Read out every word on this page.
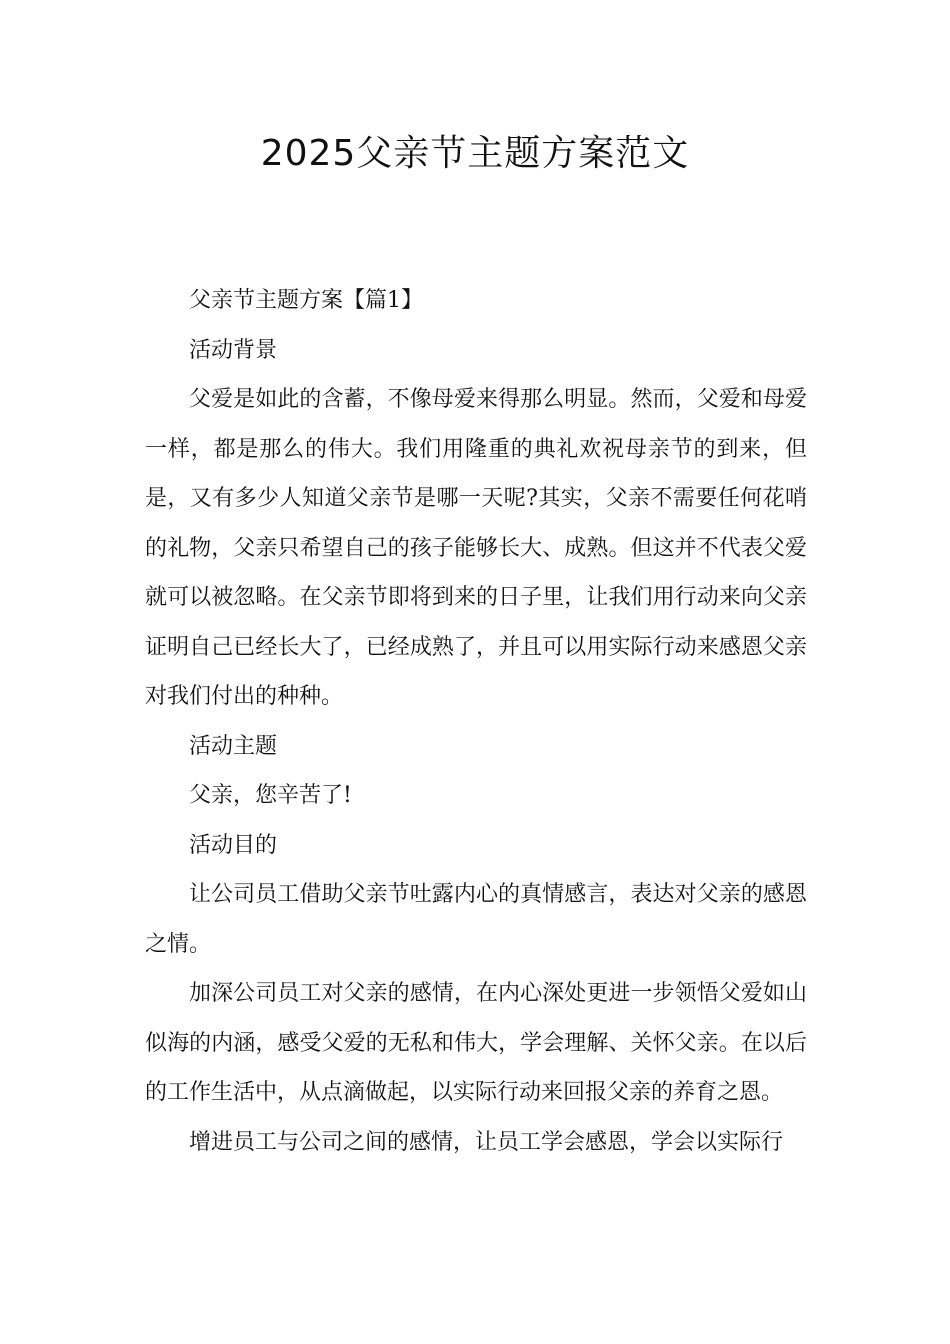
2025父亲节主题方案范文

父亲节主题方案【篇1】

活动背景

父爱是如此的含蓄，不像母爱来得那么明显。然而，父爱和母爱一样，都是那么的伟大。我们用隆重的典礼欢祝母亲节的到来，但是，又有多少人知道父亲节是哪一天呢?其实，父亲不需要任何花哨的礼物，父亲只希望自己的孩子能够长大、成熟。但这并不代表父爱就可以被忽略。在父亲节即将到来的日子里，让我们用行动来向父亲证明自己已经长大了，已经成熟了，并且可以用实际行动来感恩父亲对我们付出的种种。

活动主题

父亲，您辛苦了!

活动目的

让公司员工借助父亲节吐露内心的真情感言，表达对父亲的感恩之情。

加深公司员工对父亲的感情，在内心深处更进一步领悟父爱如山似海的内涵，感受父爱的无私和伟大，学会理解、关怀父亲。在以后的工作生活中，从点滴做起，以实际行动来回报父亲的养育之恩。

增进员工与公司之间的感情，让员工学会感恩，学会以实际行
